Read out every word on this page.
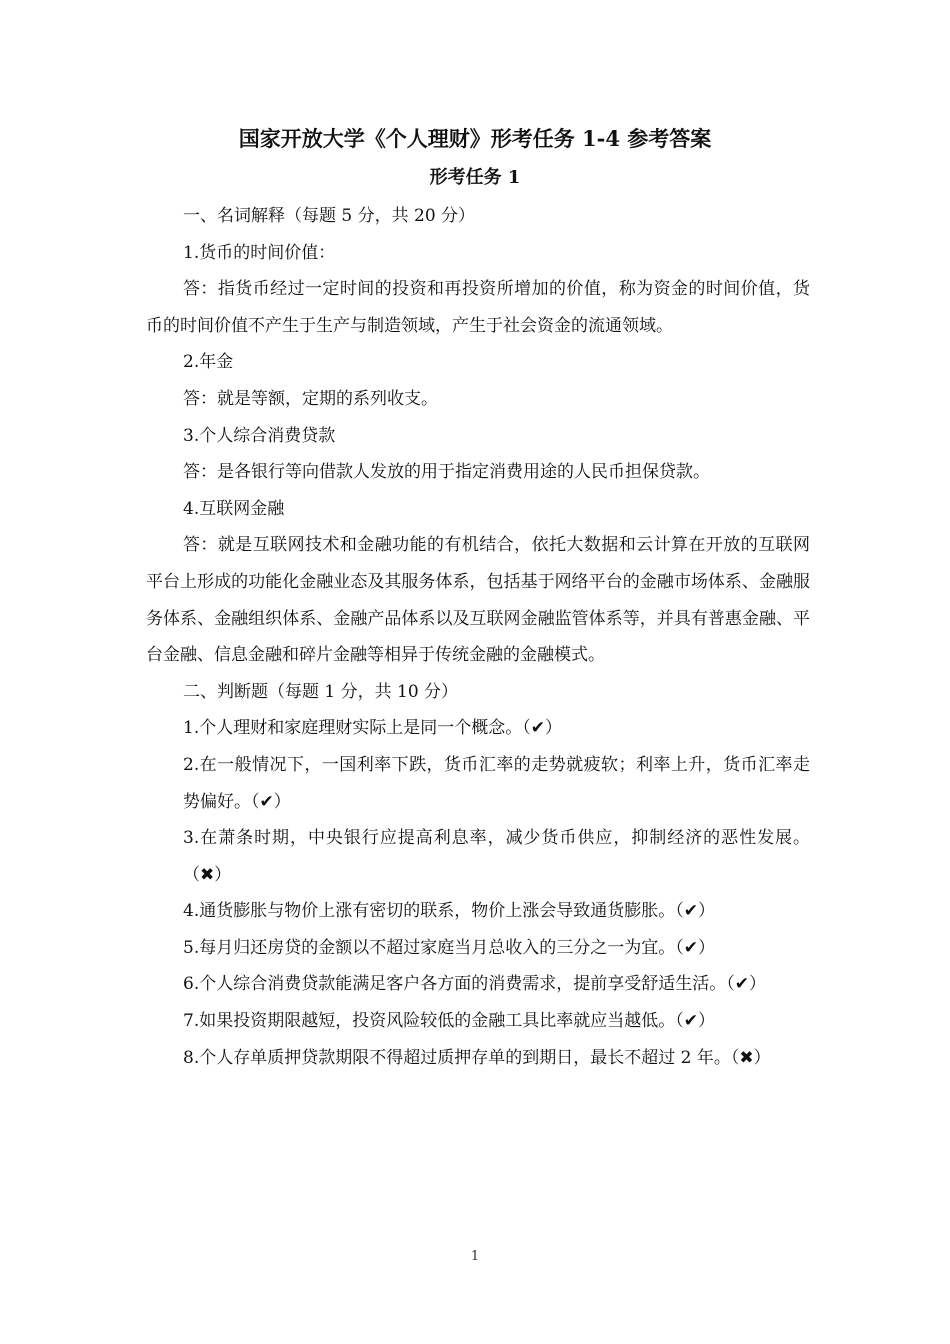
国家开放大学《个人理财》形考任务 1-4 参考答案
形考任务 1

一、名词解释（每题 5 分，共 20 分）

1.货币的时间价值：

答：指货币经过一定时间的投资和再投资所增加的价值，称为资金的时间价值，货币的时间价值不产生于生产与制造领域，产生于社会资金的流通领域。

2.年金

答：就是等额，定期的系列收支。

3.个人综合消费贷款

答：是各银行等向借款人发放的用于指定消费用途的人民币担保贷款。

4.互联网金融

答：就是互联网技术和金融功能的有机结合，依托大数据和云计算在开放的互联网平台上形成的功能化金融业态及其服务体系，包括基于网络平台的金融市场体系、金融服务体系、金融组织体系、金融产品体系以及互联网金融监管体系等，并具有普惠金融、平台金融、信息金融和碎片金融等相异于传统金融的金融模式。

二、判断题（每题 1 分，共 10 分）

1.个人理财和家庭理财实际上是同一个概念。（✔）

2.在一般情况下，一国利率下跌，货币汇率的走势就疲软；利率上升，货币汇率走势偏好。（✔）

3.在萧条时期，中央银行应提高利息率，减少货币供应，抑制经济的恶性发展。（✖）

4.通货膨胀与物价上涨有密切的联系，物价上涨会导致通货膨胀。（✔）

5.每月归还房贷的金额以不超过家庭当月总收入的三分之一为宜。（✔）

6.个人综合消费贷款能满足客户各方面的消费需求，提前享受舒适生活。（✔）

7.如果投资期限越短，投资风险较低的金融工具比率就应当越低。（✔）

8.个人存单质押贷款期限不得超过质押存单的到期日，最长不超过 2 年。（✖）

1
